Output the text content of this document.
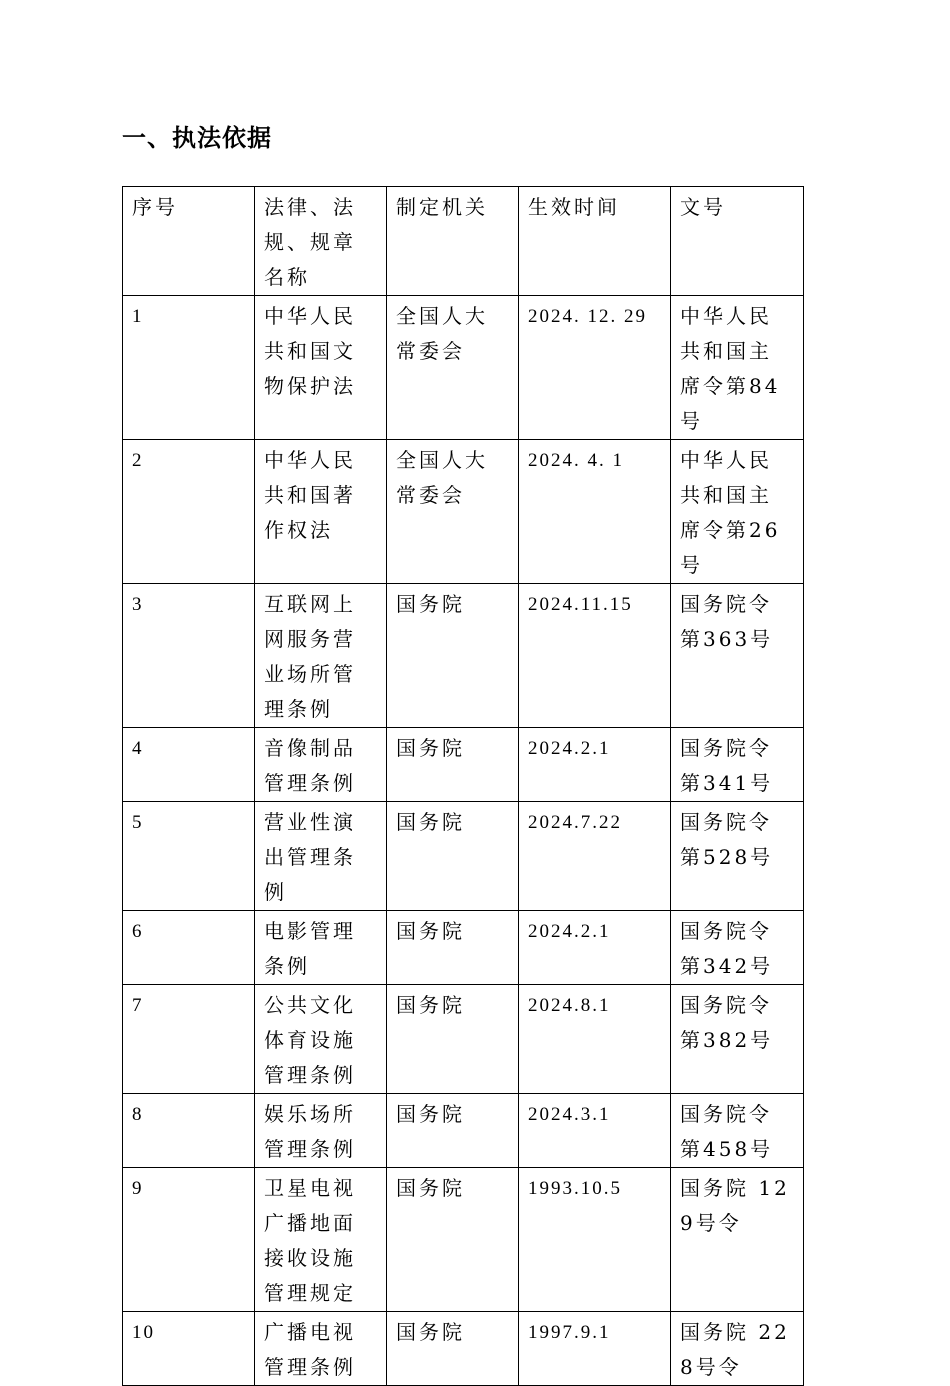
一、执法依据
序号	法律、法规、规章名称	制定机关	生效时间	文号
1	中华人民共和国文物保护法	全国人大常委会	2024. 12. 29	中华人民共和国主席令第84号
2	中华人民共和国著作权法	全国人大常委会	2024. 4. 1	中华人民共和国主席令第26号
3	互联网上网服务营业场所管理条例	国务院	2024.11.15	国务院令第363号
4	音像制品管理条例	国务院	2024.2.1	国务院令第341号
5	营业性演出管理条例	国务院	2024.7.22	国务院令第528号
6	电影管理条例	国务院	2024.2.1	国务院令第342号
7	公共文化体育设施管理条例	国务院	2024.8.1	国务院令第382号
8	娱乐场所管理条例	国务院	2024.3.1	国务院令第458号
9	卫星电视广播地面接收设施管理规定	国务院	1993.10.5	国务院 129号令
10	广播电视管理条例	国务院	1997.9.1	国务院 228号令
